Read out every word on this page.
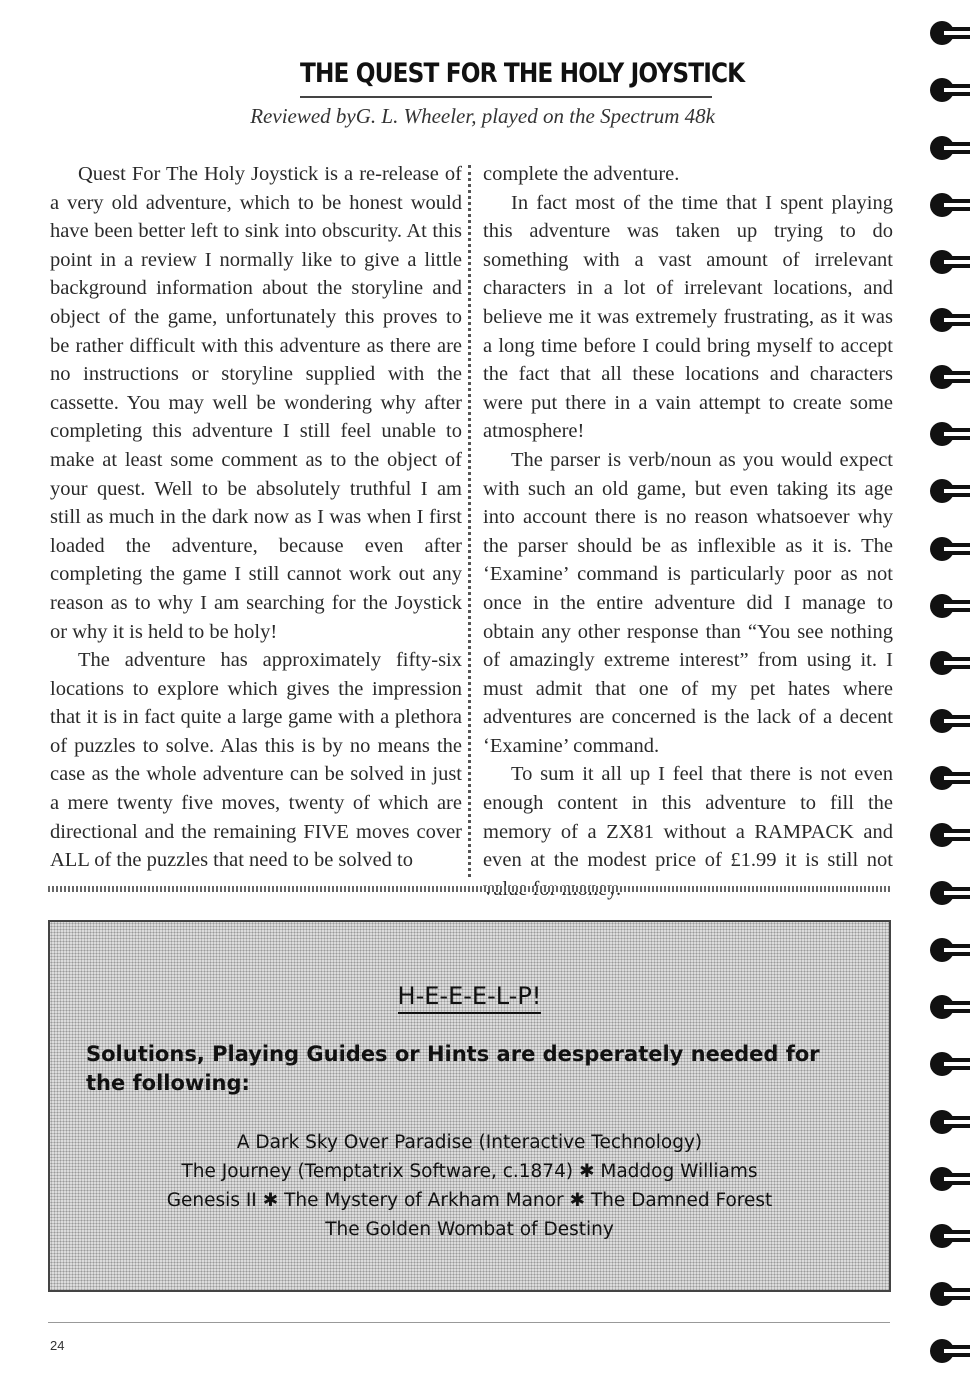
THE QUEST FOR THE HOLY JOYSTICK
Reviewed byG. L. Wheeler, played on the Spectrum 48k

Quest For The Holy Joystick is a re-release of a very old adventure, which to be honest would have been better left to sink into obscurity. At this point in a review I normally like to give a little background information about the storyline and object of the game, unfortunately this proves to be rather difficult with this adventure as there are no instructions or storyline supplied with the cassette. You may well be wondering why after completing this adventure I still feel unable to make at least some comment as to the object of your quest. Well to be absolutely truthful I am still as much in the dark now as I was when I first loaded the adventure, because even after completing the game I still cannot work out any reason as to why I am searching for the Joystick or why it is held to be holy!

The adventure has approximately fifty-six locations to explore which gives the impression that it is in fact quite a large game with a plethora of puzzles to solve. Alas this is by no means the case as the whole adventure can be solved in just a mere twenty five moves, twenty of which are directional and the remaining FIVE moves cover ALL of the puzzles that need to be solved to

complete the adventure.

In fact most of the time that I spent playing this adventure was taken up trying to do something with a vast amount of irrelevant characters in a lot of irrelevant locations, and believe me it was extremely frustrating, as it was a long time before I could bring myself to accept the fact that all these locations and characters were put there in a vain attempt to create some atmosphere!

The parser is verb/noun as you would expect with such an old game, but even taking its age into account there is no reason whatsoever why the parser should be as inflexible as it is. The ‘Examine’ command is particularly poor as not once in the entire adventure did I manage to obtain any other response than “You see nothing of amazingly extreme interest” from using it. I must admit that one of my pet hates where adventures are concerned is the lack of a decent ‘Examine’ command.

To sum it all up I feel that there is not even enough content in this adventure to fill the memory of a ZX81 without a RAMPACK and even at the modest price of £1.99 it is still not

H-E-E-E-L-P!
Solutions, Playing Guides or Hints are desperately needed for the following:
A Dark Sky Over Paradise (Interactive Technology)
The Journey (Temptatrix Software, c.1874) ✱ Maddog Williams
Genesis II ✱ The Mystery of Arkham Manor ✱ The Damned Forest
The Golden Wombat of Destiny
24
